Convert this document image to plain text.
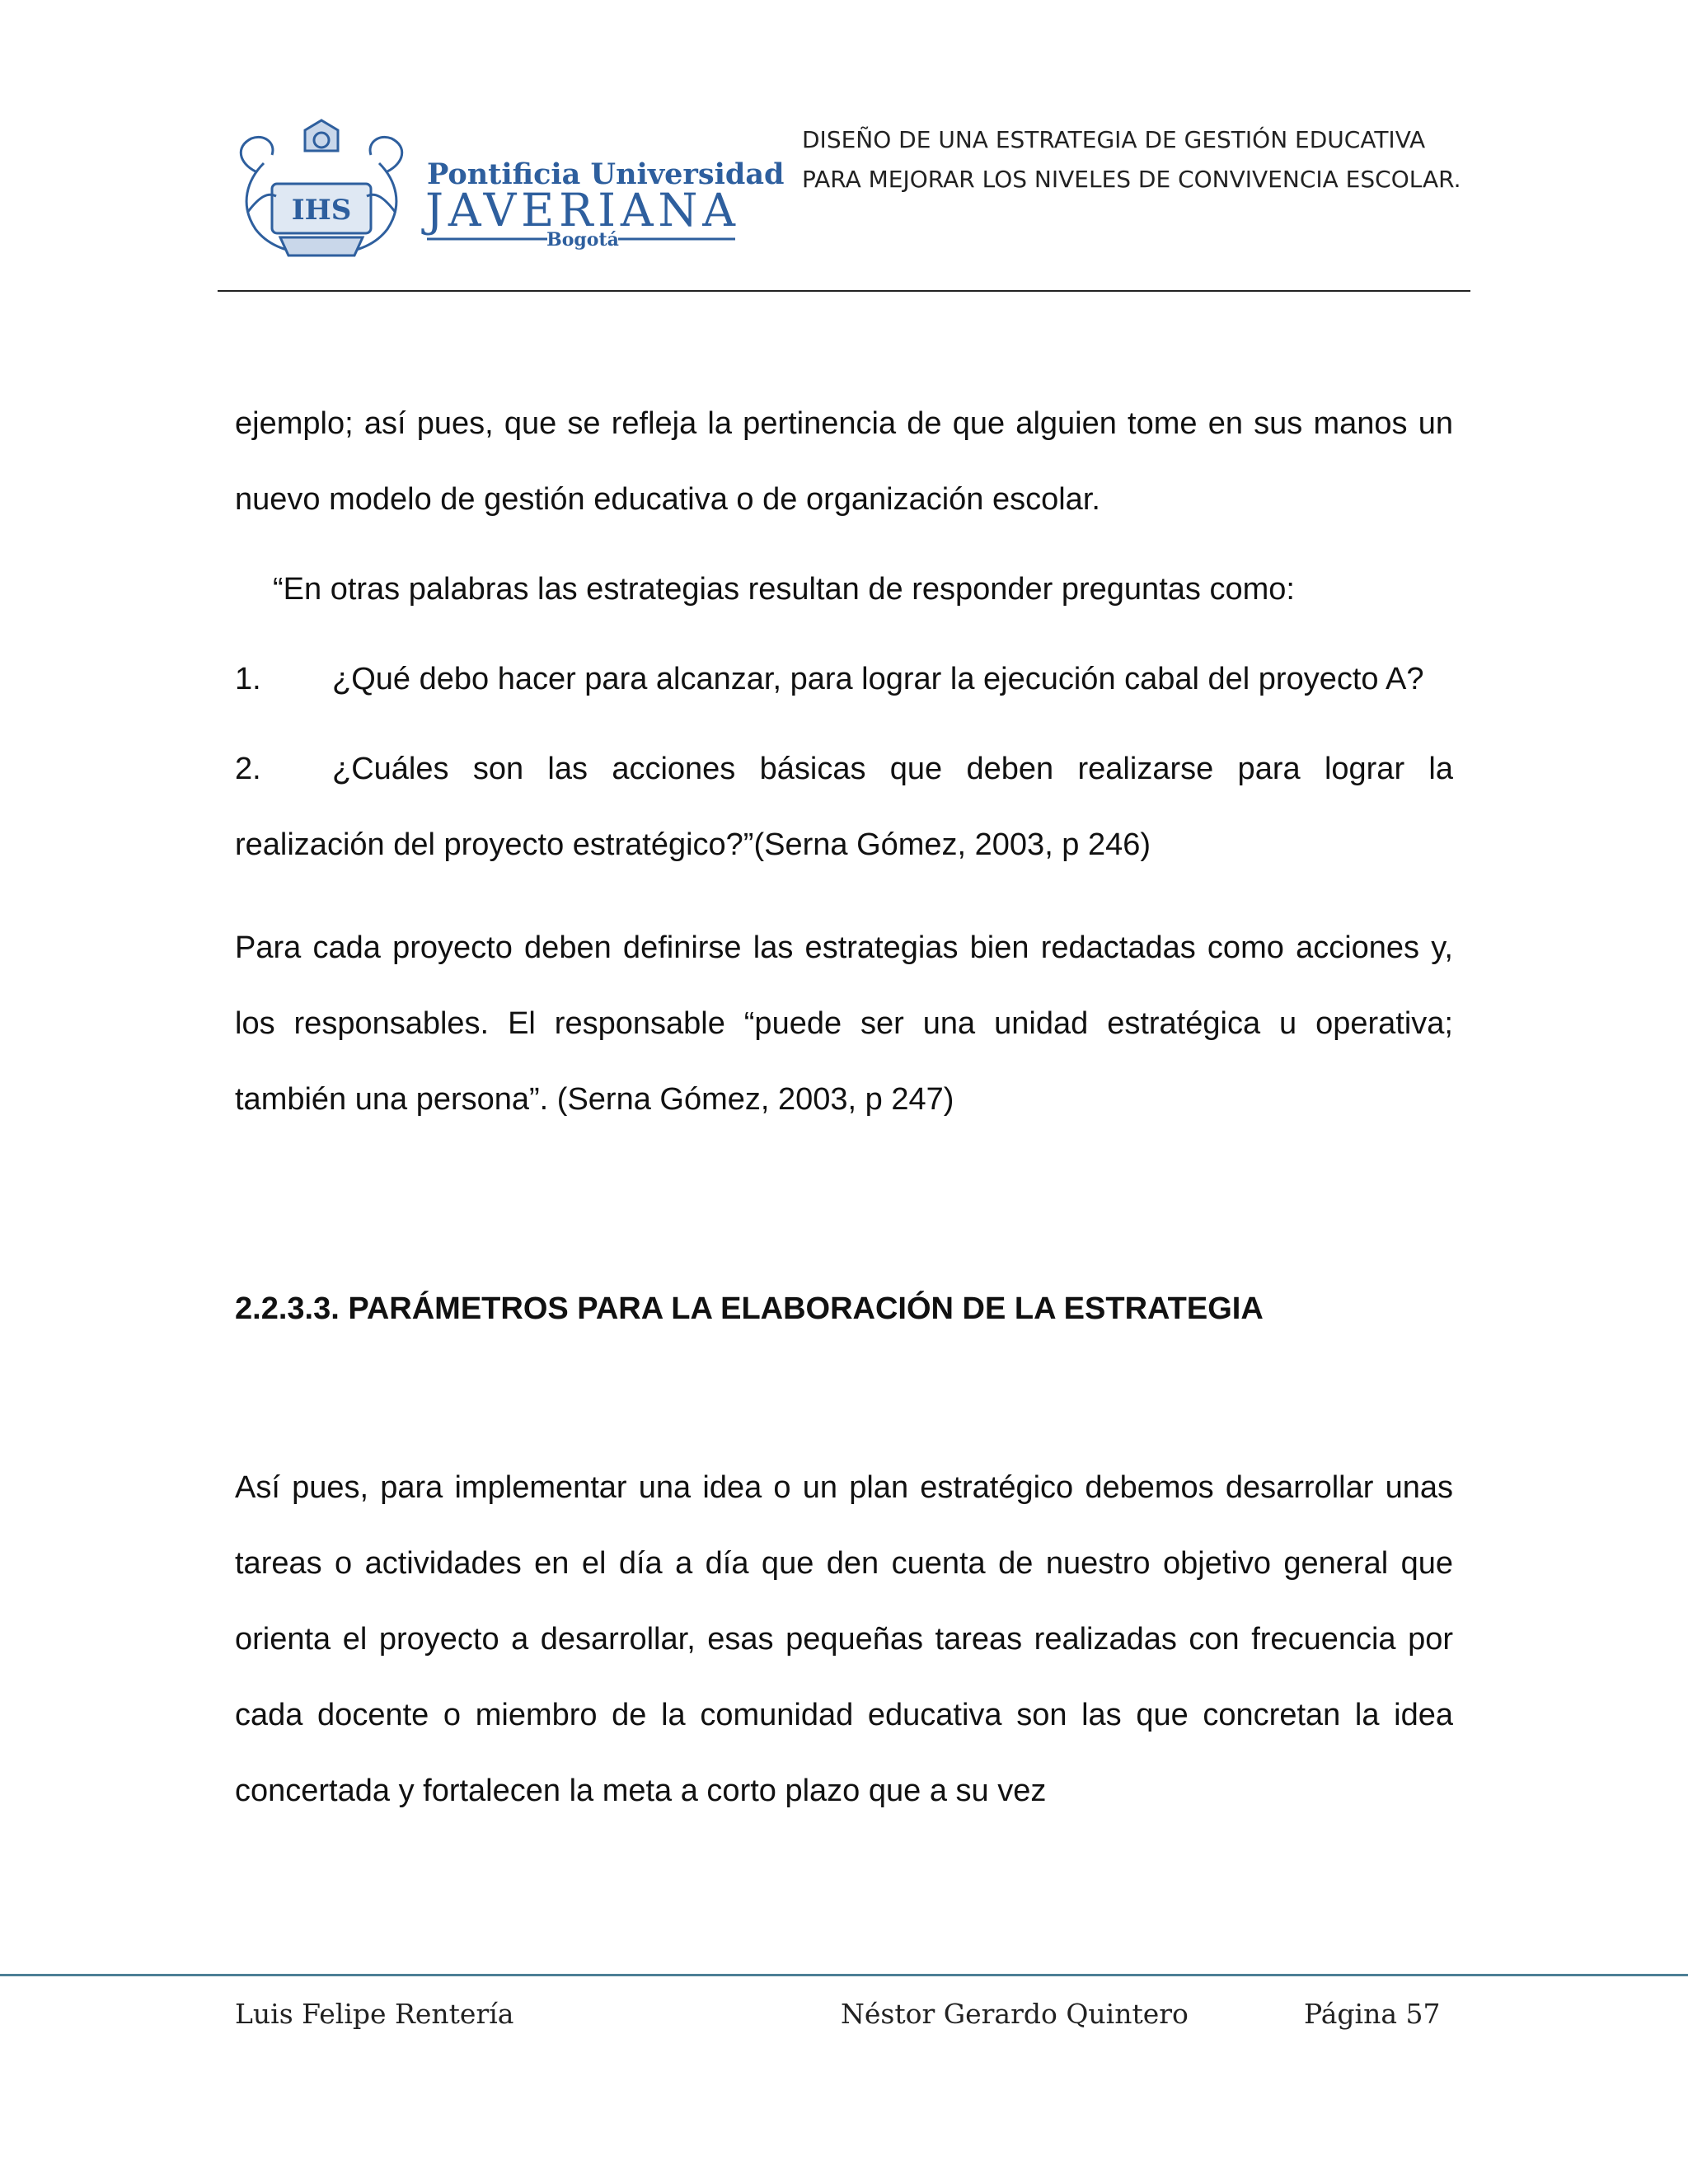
IHS
Pontificia Universidad
JAVERIANA
Bogotá
DISEÑO DE UNA ESTRATEGIA DE GESTIÓN EDUCATIVA
PARA MEJORAR LOS NIVELES DE CONVIVENCIA ESCOLAR.

ejemplo; así pues, que se refleja la pertinencia de que alguien tome en sus manos un nuevo modelo de gestión educativa o de organización escolar.

“En otras palabras las estrategias resultan de responder preguntas como:

1. ¿Qué debo hacer para alcanzar, para lograr la ejecución cabal del proyecto A?

2. ¿Cuáles son las acciones básicas que deben realizarse para lograr la realización del proyecto estratégico?”(Serna Gómez, 2003, p 246)

Para cada proyecto deben definirse las estrategias bien redactadas como acciones y, los responsables. El responsable “puede ser una unidad estratégica u operativa; también una persona”. (Serna Gómez, 2003, p 247)

2.2.3.3. PARÁMETROS PARA LA ELABORACIÓN DE LA ESTRATEGIA

Así pues, para implementar una idea o un plan estratégico debemos desarrollar unas tareas o actividades en el día a día que den cuenta de nuestro objetivo general que orienta el proyecto a desarrollar, esas pequeñas tareas realizadas con frecuencia por cada docente o miembro de la comunidad educativa son las que concretan la idea concertada y fortalecen la meta a corto plazo que a su vez

Luis Felipe Rentería	Néstor Gerardo Quintero	Página 57
